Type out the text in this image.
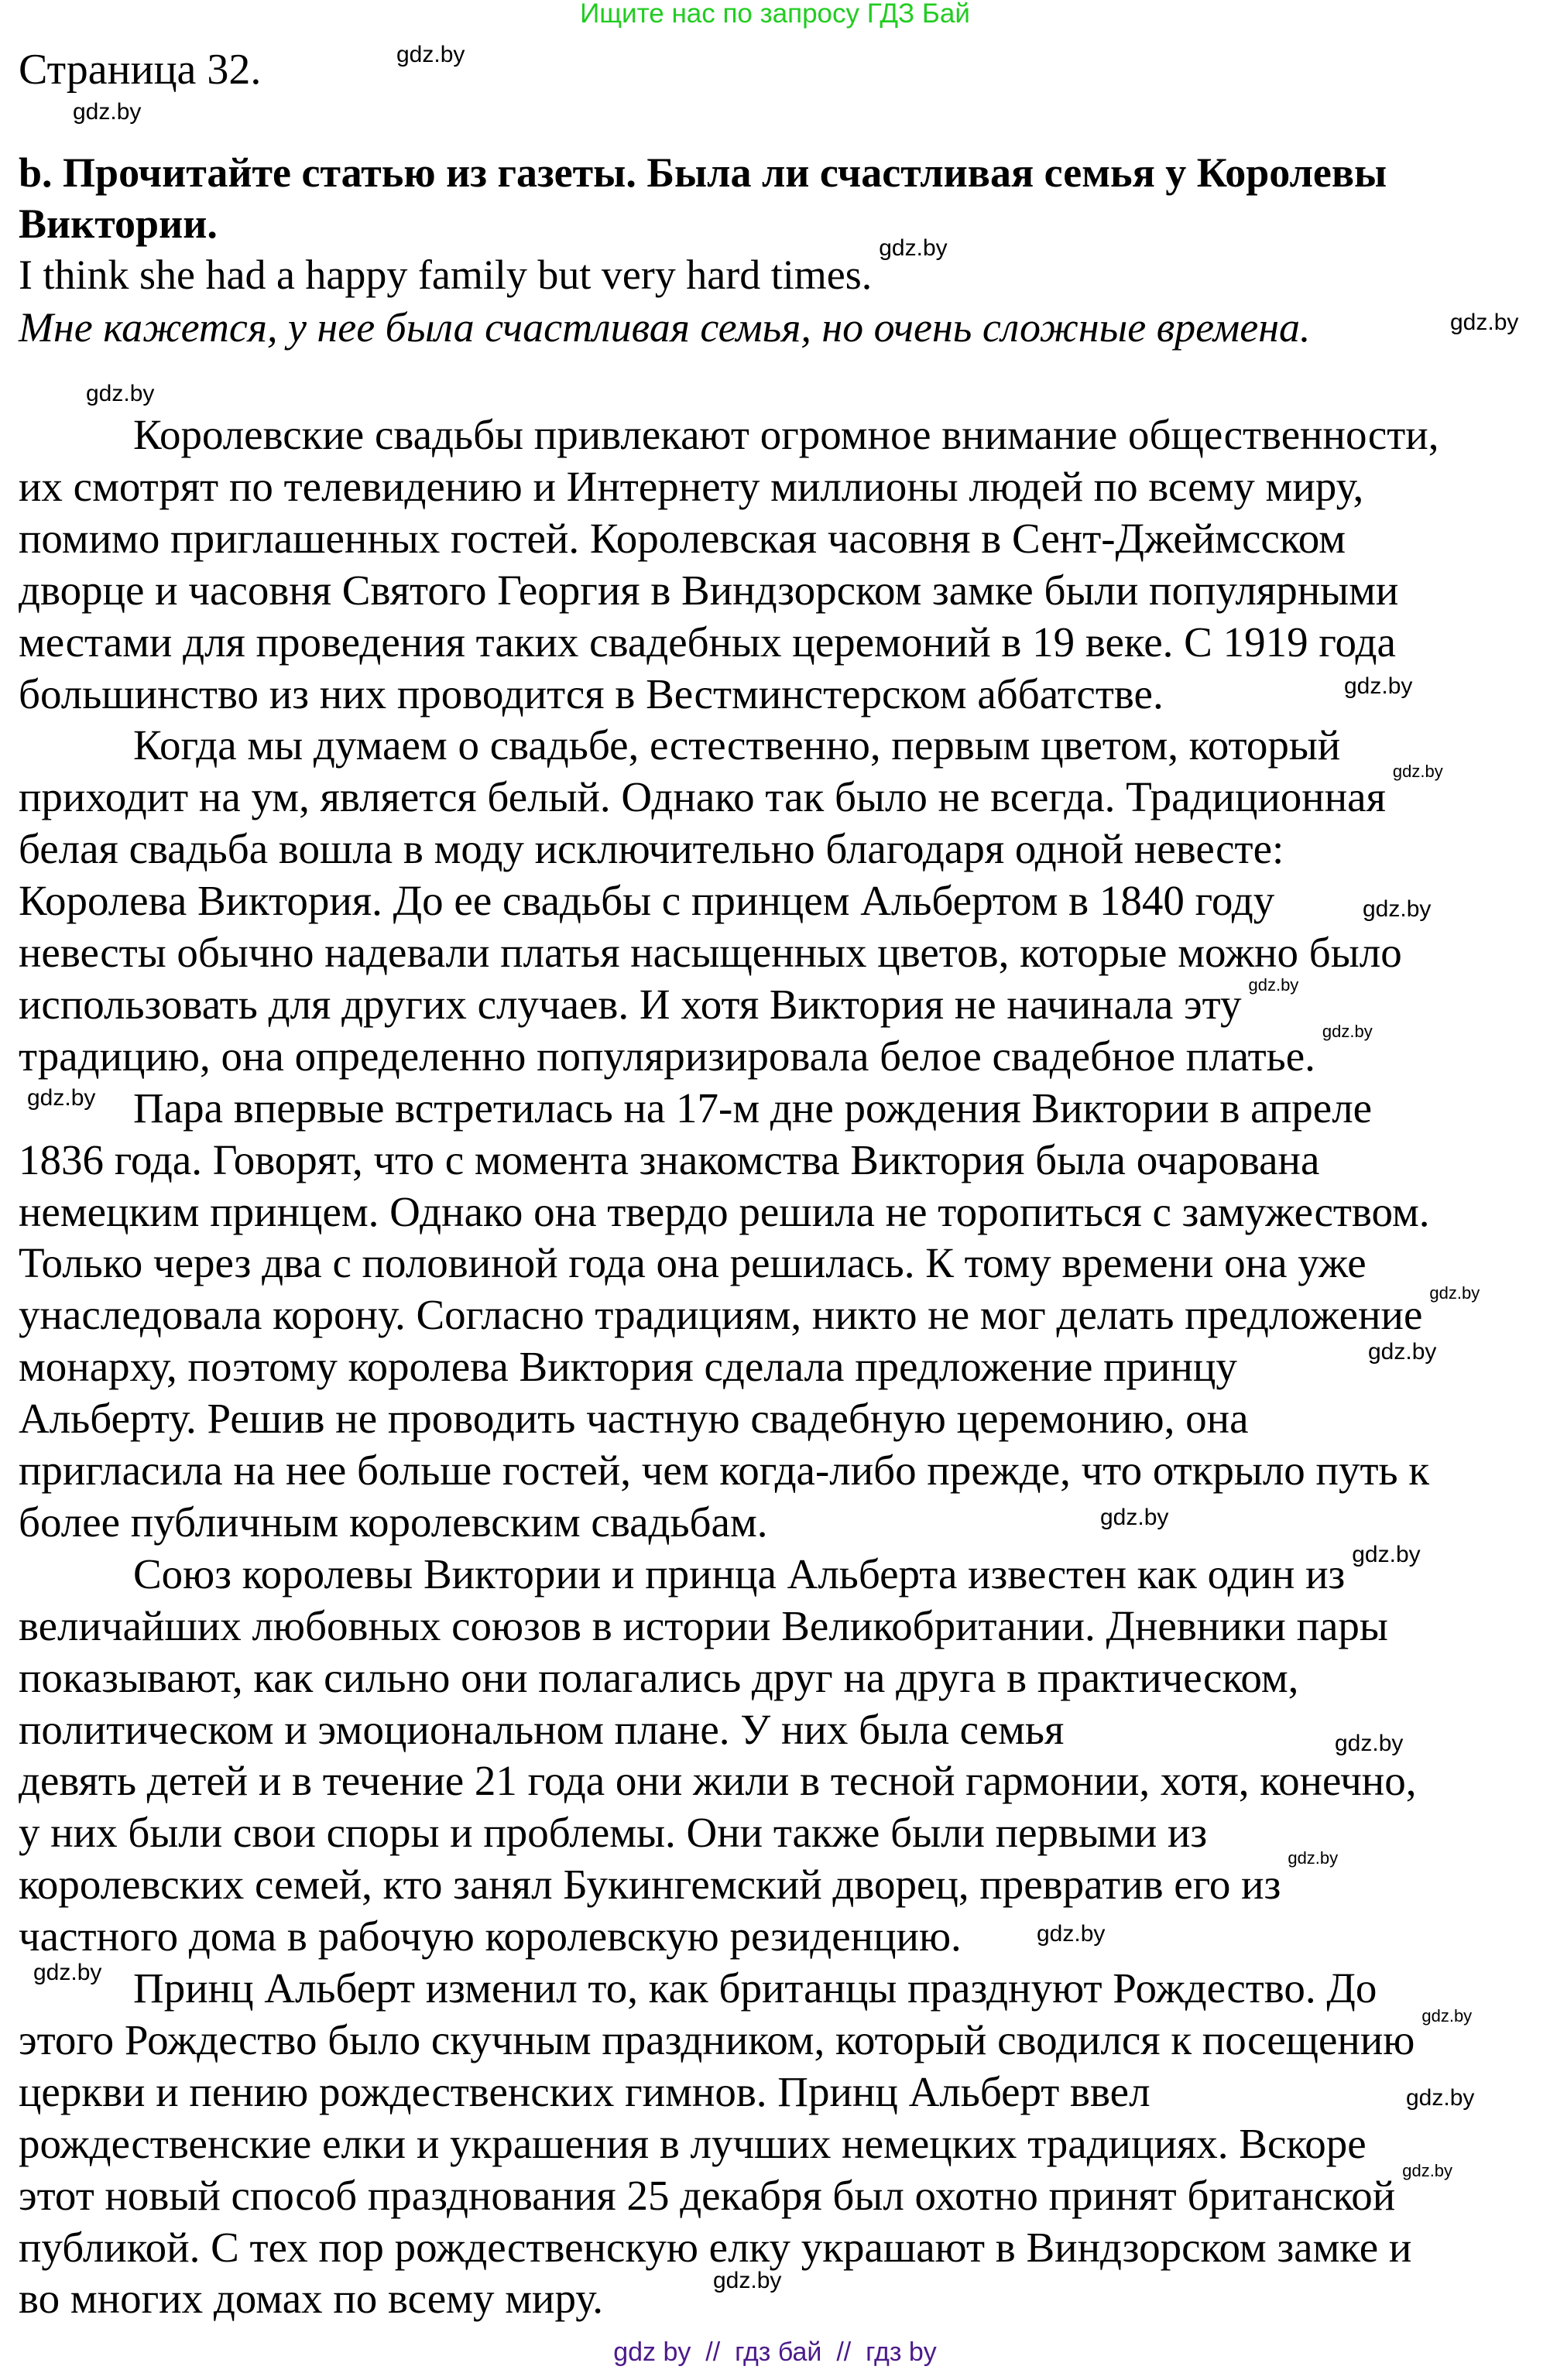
Ищите нас по запросу ГДЗ Бай
Страница 32.
b. Прочитайте статью из газеты. Была ли счастливая семья у Королевы
Виктории.
I think she had a happy family but very hard times.
Мне кажется, у нее была счастливая семья, но очень сложные времена.
Королевские свадьбы привлекают огромное внимание общественности,
их смотрят по телевидению и Интернету миллионы людей по всему миру,
помимо приглашенных гостей. Королевская часовня в Сент-Джеймсском
дворце и часовня Святого Георгия в Виндзорском замке были популярными
местами для проведения таких свадебных церемоний в 19 веке. С 1919 года
большинство из них проводится в Вестминстерском аббатстве.
Когда мы думаем о свадьбе, естественно, первым цветом, который
приходит на ум, является белый. Однако так было не всегда. Традиционная
белая свадьба вошла в моду исключительно благодаря одной невесте:
Королева Виктория. До ее свадьбы с принцем Альбертом в 1840 году
невесты обычно надевали платья насыщенных цветов, которые можно было
использовать для других случаев. И хотя Виктория не начинала эту
традицию, она определенно популяризировала белое свадебное платье.
Пара впервые встретилась на 17-м дне рождения Виктории в апреле
1836 года. Говорят, что с момента знакомства Виктория была очарована
немецким принцем. Однако она твердо решила не торопиться с замужеством.
Только через два с половиной года она решилась. К тому времени она уже
унаследовала корону. Согласно традициям, никто не мог делать предложение
монарху, поэтому королева Виктория сделала предложение принцу
Альберту. Решив не проводить частную свадебную церемонию, она
пригласила на нее больше гостей, чем когда-либо прежде, что открыло путь к
более публичным королевским свадьбам.
Союз королевы Виктории и принца Альберта известен как один из
величайших любовных союзов в истории Великобритании. Дневники пары
показывают, как сильно они полагались друг на друга в практическом,
политическом и эмоциональном плане. У них была семья
девять детей и в течение 21 года они жили в тесной гармонии, хотя, конечно,
у них были свои споры и проблемы. Они также были первыми из
королевских семей, кто занял Букингемский дворец, превратив его из
частного дома в рабочую королевскую резиденцию.
Принц Альберт изменил то, как британцы празднуют Рождество. До
этого Рождество было скучным праздником, который сводился к посещению
церкви и пению рождественских гимнов. Принц Альберт ввел
рождественские елки и украшения в лучших немецких традициях. Вскоре
этот новый способ празднования 25 декабря был охотно принят британской
публикой. С тех пор рождественскую елку украшают в Виндзорском замке и
во многих домах по всему миру.
gdz.by
gdz.by
gdz.by
gdz.by
gdz.by
gdz.by
gdz.by
gdz.by
gdz.by
gdz.by
gdz.by
gdz.by
gdz.by
gdz.by
gdz.by
gdz.by
gdz.by
gdz.by
gdz.by
gdz.by
gdz.by
gdz.by
gdz.by
gdz by  //  гдз бай  //  гдз by
